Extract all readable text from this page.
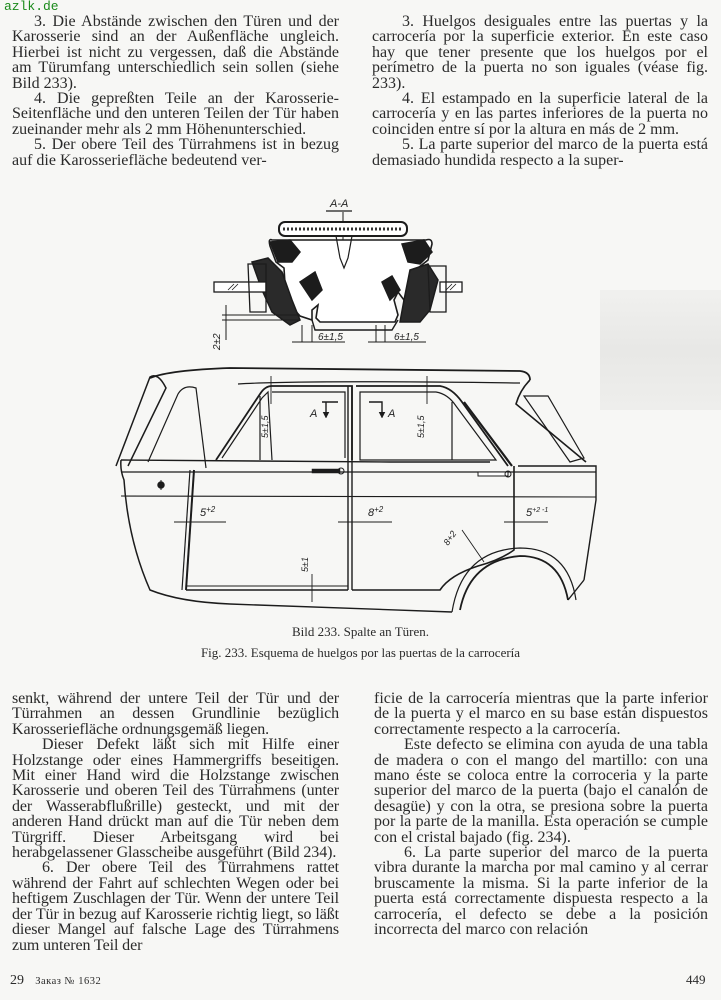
azlk.de

3. Die Abstände zwischen den Türen und der Karosserie sind an der Außenfläche ungleich. Hierbei ist nicht zu vergessen, daß die Abstände am Türumfang unterschiedlich sein sollen (siehe Bild 233).

4. Die gepreßten Teile an der Karosserie-Seitenfläche und den unteren Teilen der Tür haben zueinander mehr als 2 mm Höhenunterschied.

5. Der obere Teil des Türrahmens ist in bezug auf die Karosseriefläche bedeutend ver-

3. Huelgos desiguales entre las puertas y la carrocería por la superficie exterior. En este caso hay que tener presente que los huelgos por el perímetro de la puerta no son iguales (véase fig. 233).

4. El estampado en la superficie lateral de la carrocería y en las partes inferiores de la puerta no coinciden entre sí por la altura en más de 2 mm.

5. La parte superior del marco de la puerta está demasiado hundida respecto a la super-

A-A
2±2	6±1,5	6±1,5
A	A
5±1,5	5±1,5
$5^{+2}$	$8^{+2}$	$5^{+2 -1}$
8+2
5±1
Bild 233. Spalte an Türen.
Fig. 233. Esquema de huelgos por las puertas de la carrocería

senkt, während der untere Teil der Tür und der Türrahmen an dessen Grundlinie bezüglich Karosseriefläche ordnungsgemäß liegen.

Dieser Defekt läßt sich mit Hilfe einer Holzstange oder eines Hammergriffs beseitigen. Mit einer Hand wird die Holzstange zwischen Karosserie und oberen Teil des Türrahmens (unter der Wasserabflußrille) gesteckt, und mit der anderen Hand drückt man auf die Tür neben dem Türgriff. Dieser Arbeitsgang wird bei herabgelassener Glasscheibe ausgeführt (Bild 234).

6. Der obere Teil des Türrahmens rattet während der Fahrt auf schlechten Wegen oder bei heftigem Zuschlagen der Tür. Wenn der untere Teil der Tür in bezug auf Karosserie richtig liegt, so läßt dieser Mangel auf falsche Lage des Türrahmens zum unteren Teil der

ficie de la carrocería mientras que la parte inferior de la puerta y el marco en su base están dispuestos correctamente respecto a la carrocería.

Este defecto se elimina con ayuda de una tabla de madera o con el mango del martillo: con una mano éste se coloca entre la corroceria y la parte superior del marco de la puerta (bajo el canalón de desagüe) y con la otra, se presiona sobre la puerta por la parte de la manilla. Esta operación se cumple con el cristal bajado (fig. 234).

6. La parte superior del marco de la puerta vibra durante la marcha por mal camino y al cerrar bruscamente la misma. Si la parte inferior de la puerta está correctamente dispuesta respecto a la carrocería, el defecto se debe a la posición incorrecta del marco con relación

29 Заказ № 1632	449
